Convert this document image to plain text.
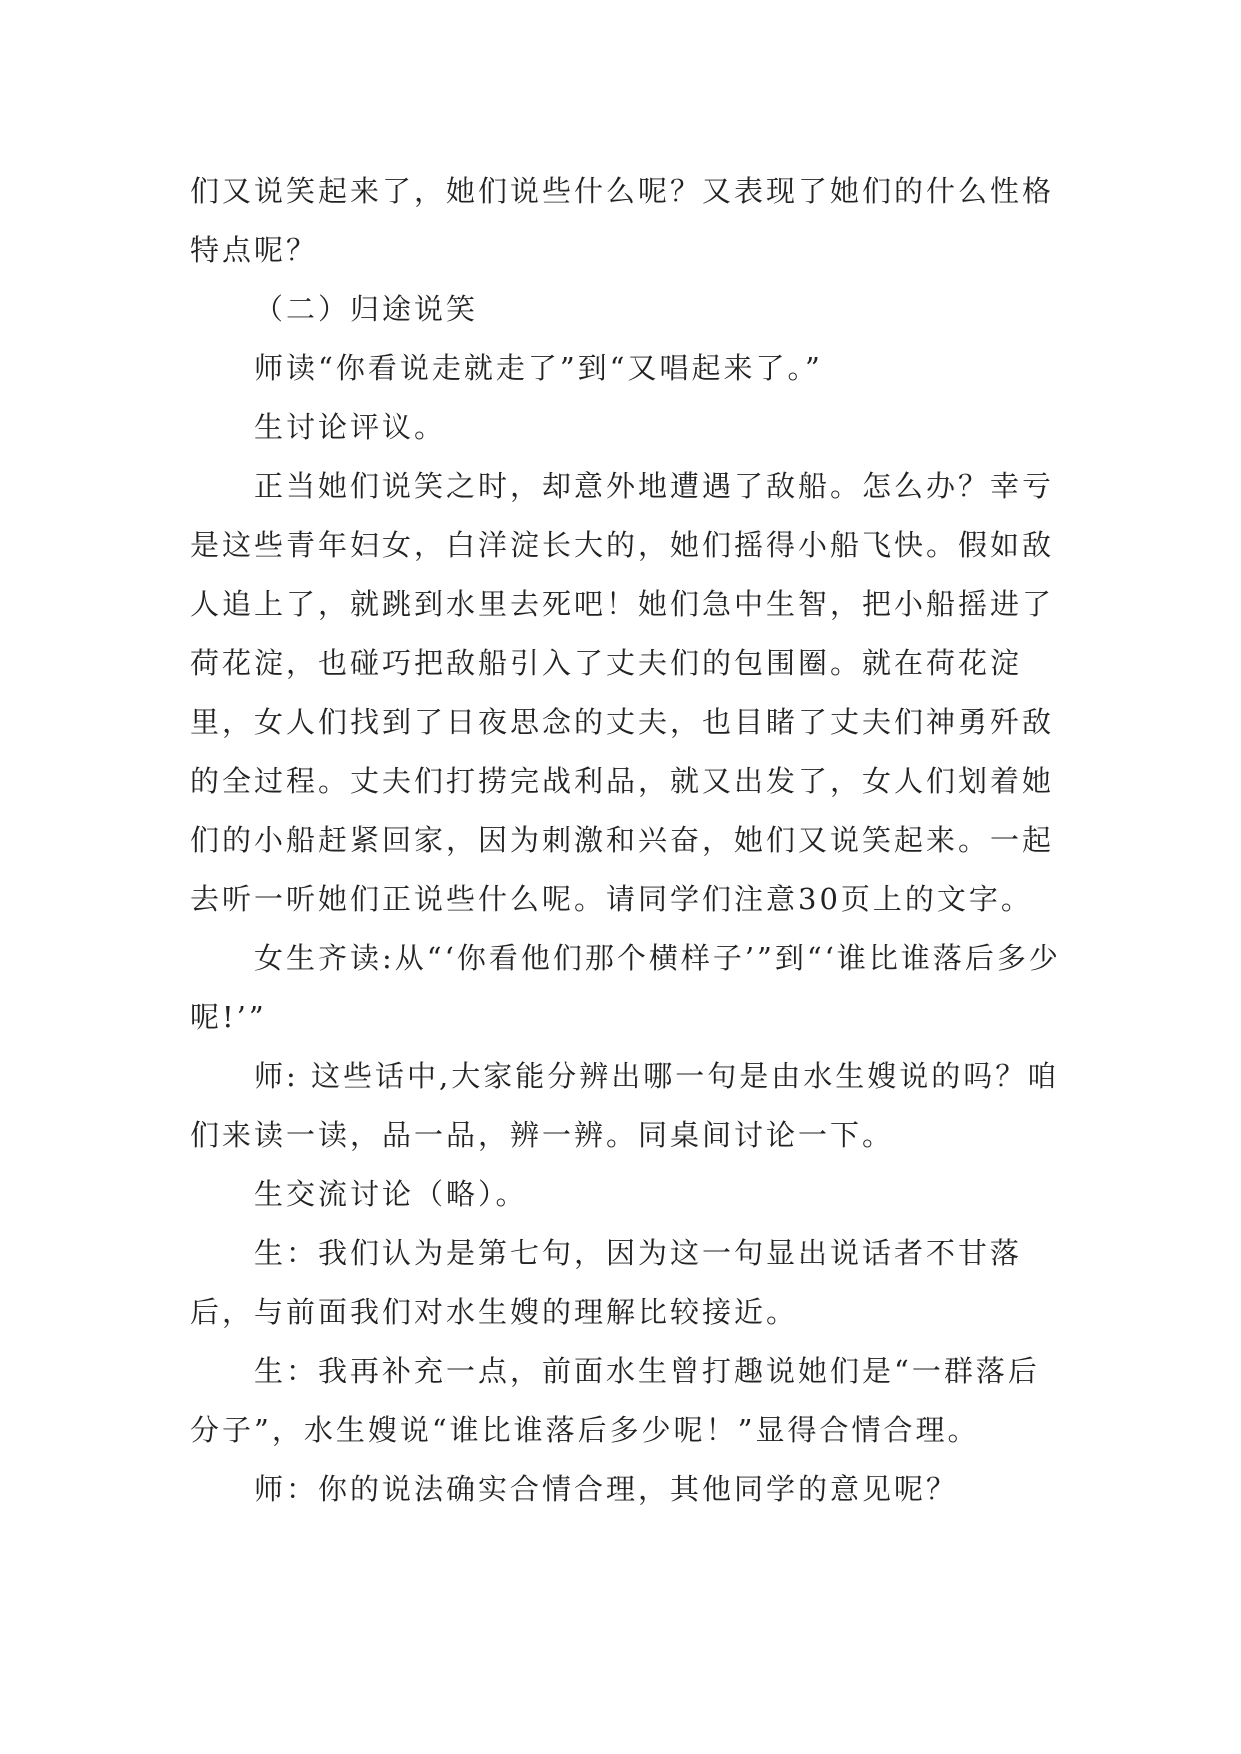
们又说笑起来了，她们说些什么呢？又表现了她们的什么性格特点呢？

（二）归途说笑

师读“你看说走就走了”到“又唱起来了。”

生讨论评议。

正当她们说笑之时，却意外地遭遇了敌船。怎么办？幸亏是这些青年妇女，白洋淀长大的，她们摇得小船飞快。假如敌人追上了，就跳到水里去死吧！她们急中生智，把小船摇进了荷花淀，也碰巧把敌船引入了丈夫们的包围圈。就在荷花淀里，女人们找到了日夜思念的丈夫，也目睹了丈夫们神勇歼敌的全过程。丈夫们打捞完战利品，就又出发了，女人们划着她们的小船赶紧回家，因为刺激和兴奋，她们又说笑起来。一起去听一听她们正说些什么呢。请同学们注意30页上的文字。

女生齐读:从“‘你看他们那个横样子’”到“‘谁比谁落后多少呢!’”

师: 这些话中,大家能分辨出哪一句是由水生嫂说的吗？咱们来读一读，品一品，辨一辨。同桌间讨论一下。

生交流讨论（略）。

生：我们认为是第七句，因为这一句显出说话者不甘落后，与前面我们对水生嫂的理解比较接近。

生：我再补充一点，前面水生曾打趣说她们是“一群落后分子”，水生嫂说“谁比谁落后多少呢！”显得合情合理。

师：你的说法确实合情合理，其他同学的意见呢？
